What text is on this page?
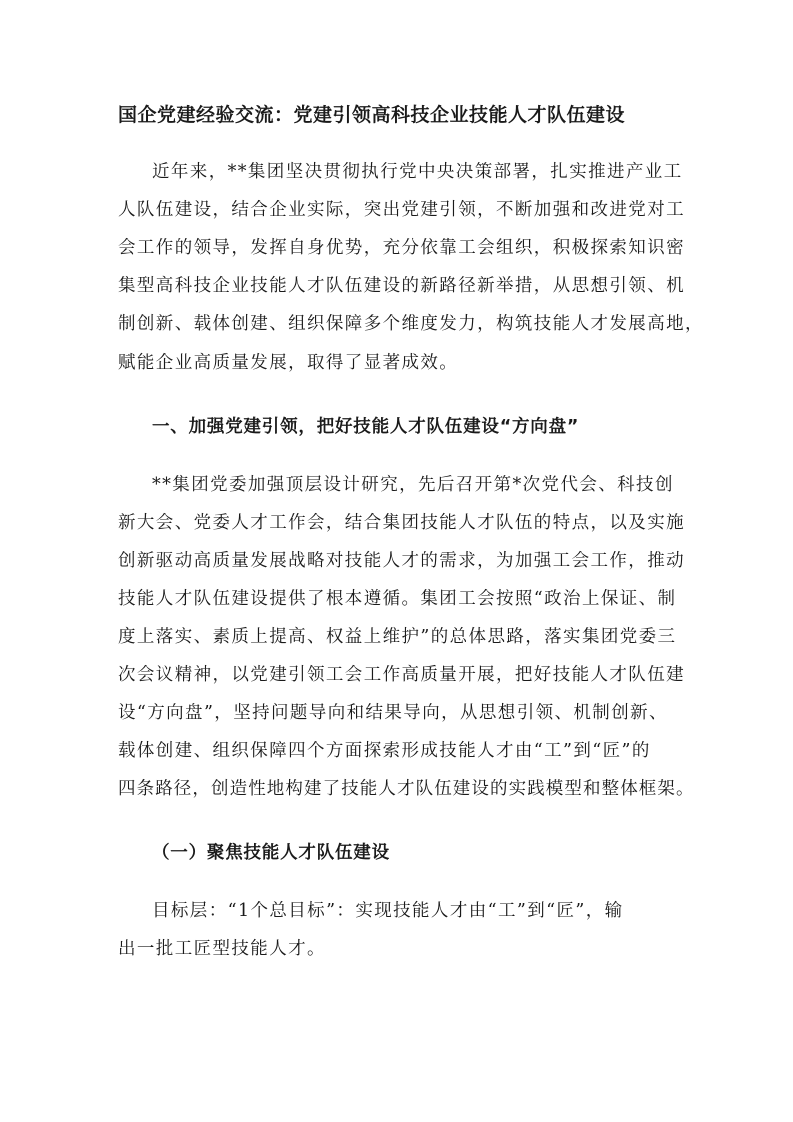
国企党建经验交流：党建引领高科技企业技能人才队伍建设
近年来，**集团坚决贯彻执行党中央决策部署，扎实推进产业工
人队伍建设，结合企业实际，突出党建引领，不断加强和改进党对工
会工作的领导，发挥自身优势，充分依靠工会组织，积极探索知识密
集型高科技企业技能人才队伍建设的新路径新举措，从思想引领、机
制创新、载体创建、组织保障多个维度发力，构筑技能人才发展高地，
赋能企业高质量发展，取得了显著成效。
一、加强党建引领，把好技能人才队伍建设“方向盘”
**集团党委加强顶层设计研究，先后召开第*次党代会、科技创
新大会、党委人才工作会，结合集团技能人才队伍的特点，以及实施
创新驱动高质量发展战略对技能人才的需求，为加强工会工作，推动
技能人才队伍建设提供了根本遵循。集团工会按照“政治上保证、制
度上落实、素质上提高、权益上维护”的总体思路，落实集团党委三
次会议精神，以党建引领工会工作高质量开展，把好技能人才队伍建
设“方向盘”，坚持问题导向和结果导向，从思想引领、机制创新、
载体创建、组织保障四个方面探索形成技能人才由“工”到“匠”的
四条路径，创造性地构建了技能人才队伍建设的实践模型和整体框架。
（一）聚焦技能人才队伍建设
目标层：“1个总目标”：实现技能人才由“工”到“匠”，输
出一批工匠型技能人才。
